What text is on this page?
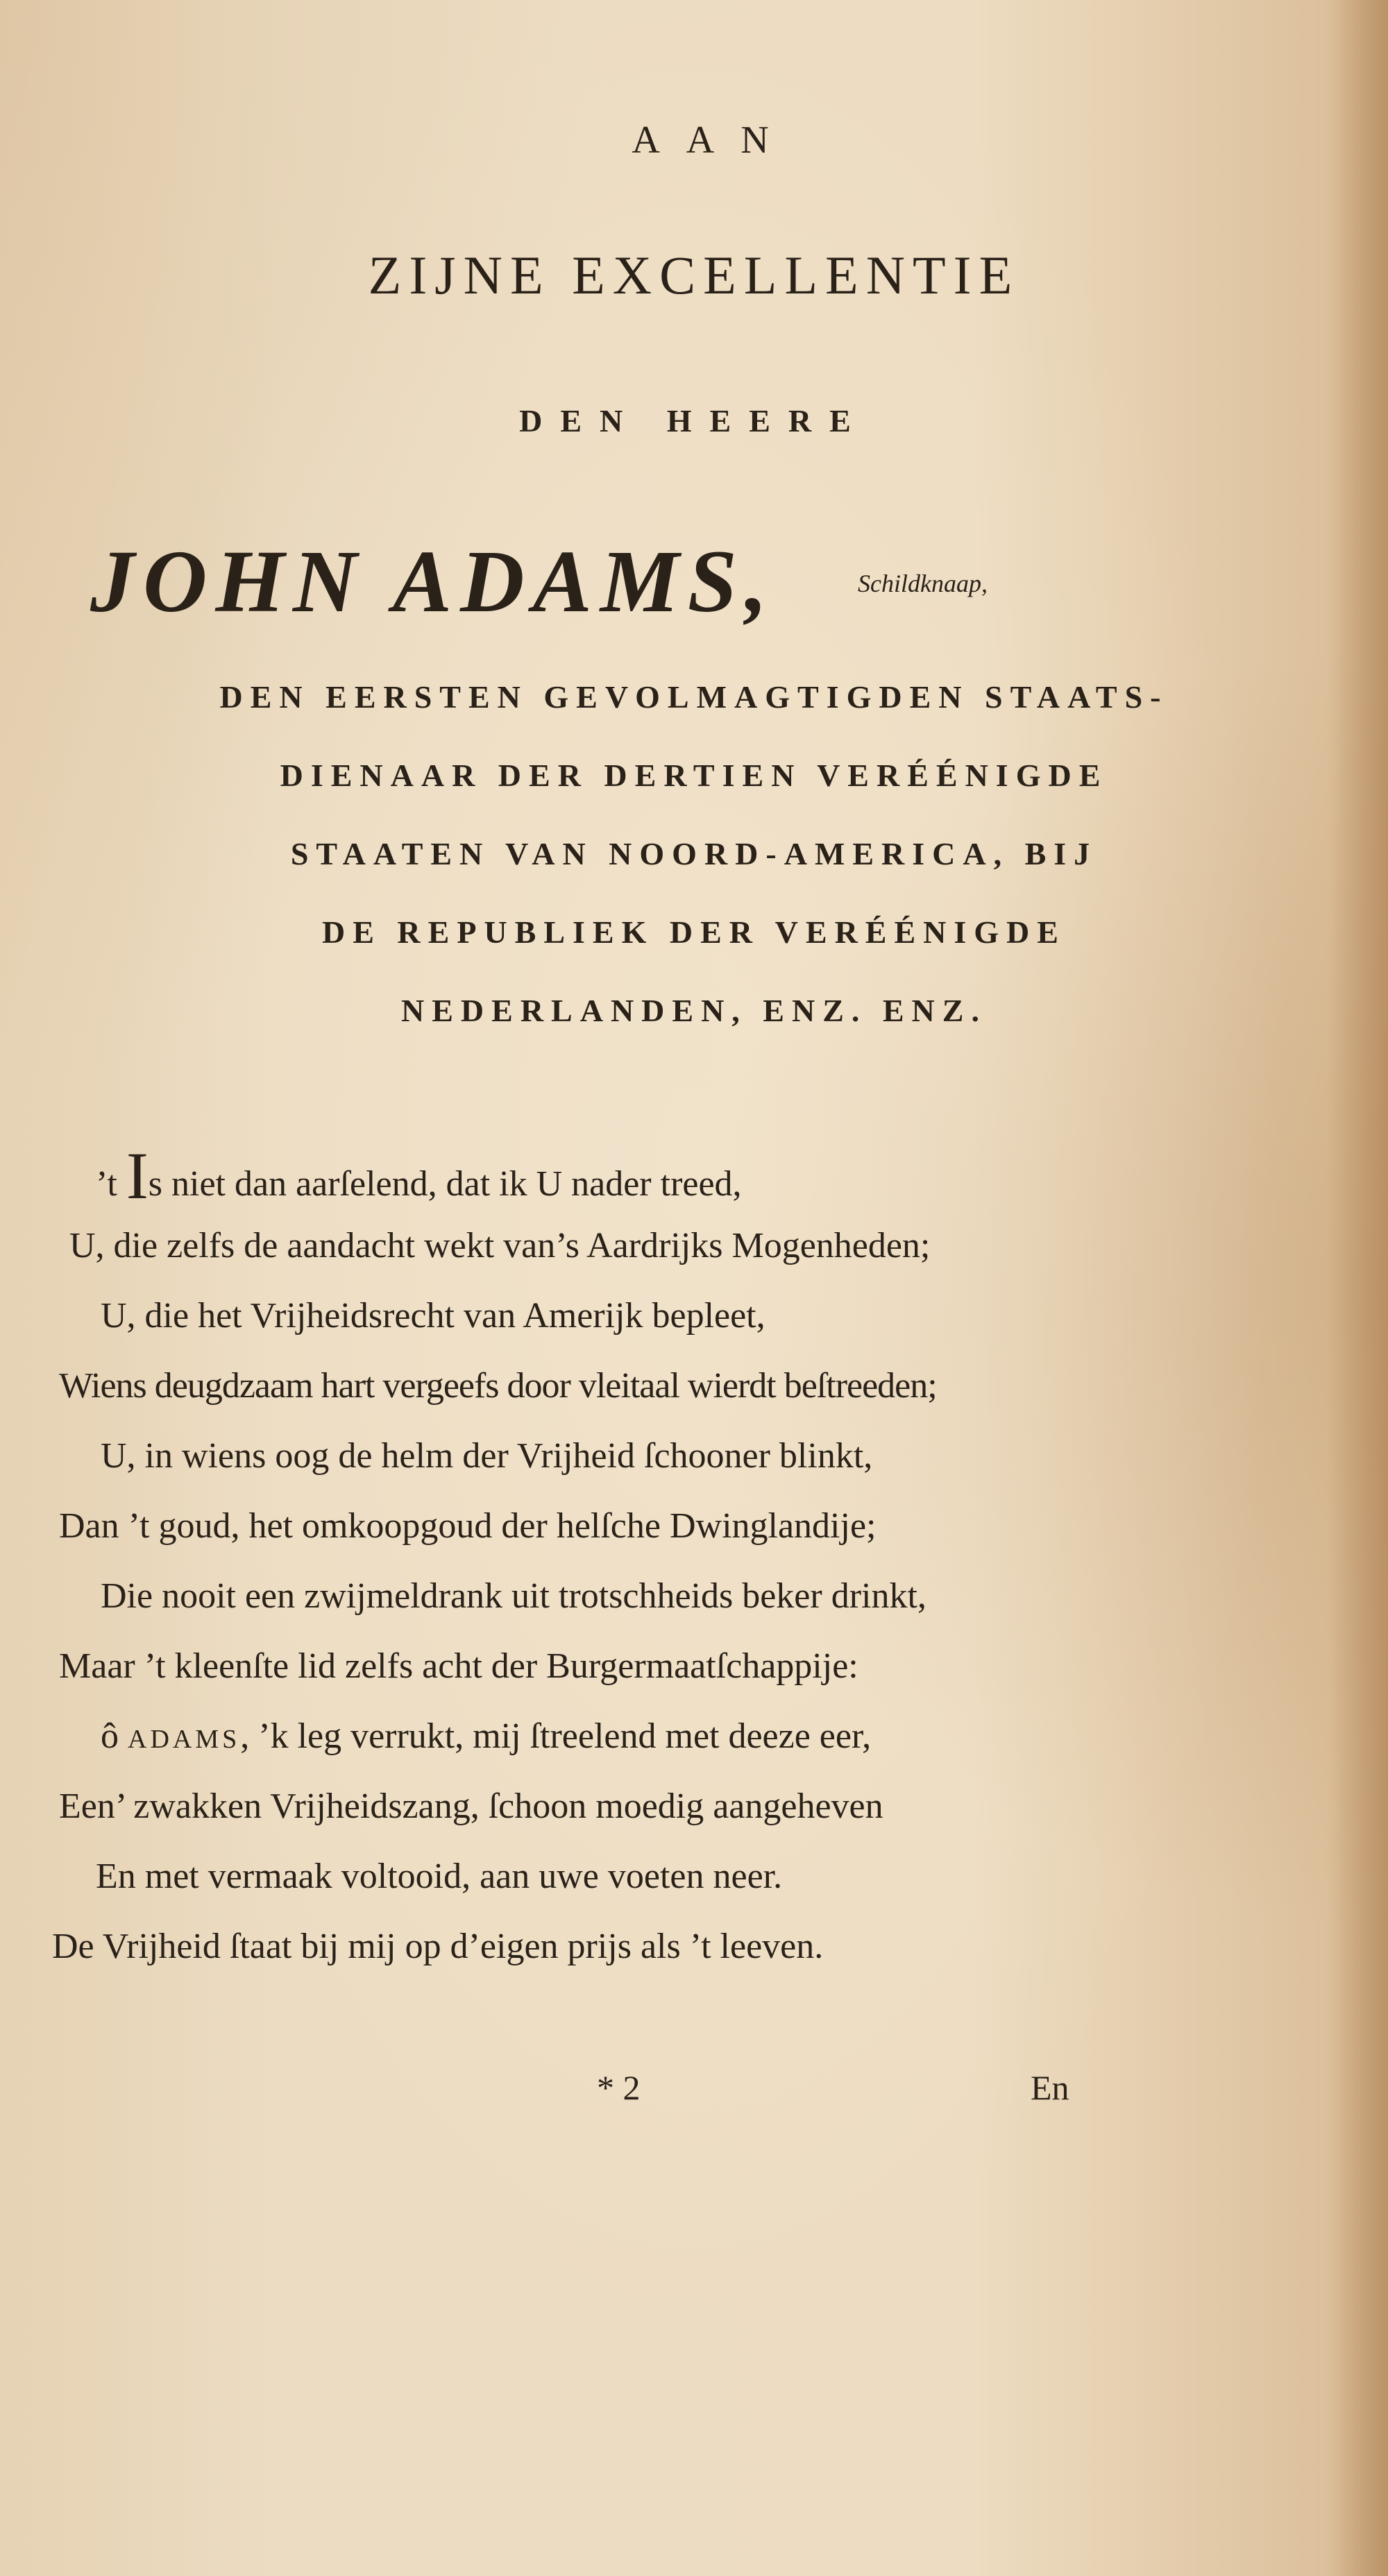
AAN
ZIJNE EXCELLENTIE
DEN HEERE
JOHN ADAMS,	Schildknaap,
DEN EERSTEN GEVOLMAGTIGDEN STAATS-
DIENAAR DER DERTIEN VERÉÉNIGDE
STAATEN VAN NOORD-AMERICA, BIJ
DE REPUBLIEK DER VERÉÉNIGDE
NEDERLANDEN, ENZ. ENZ.
’t Is niet dan aarſelend, dat ik U nader treed,
U, die zelfs de aandacht wekt van’s Aardrijks Mogenheden;
U, die het Vrijheidsrecht van Amerijk bepleet,
Wiens deugdzaam hart vergeefs door vleitaal wierdt beſtreeden;
U, in wiens oog de helm der Vrijheid ſchooner blinkt,
Dan ’t goud, het omkoopgoud der helſche Dwinglandije;
Die nooit een zwijmeldrank uit trotschheids beker drinkt,
Maar ’t kleenſte lid zelfs acht der Burgermaatſchappije:
ô ADAMS, ’k leg verrukt, mij ſtreelend met deeze eer,
Een’ zwakken Vrijheidszang, ſchoon moedig aangeheven
En met vermaak voltooid, aan uwe voeten neer.
De Vrijheid ſtaat bij mij op d’eigen prijs als ’t leeven.
* 2	En
